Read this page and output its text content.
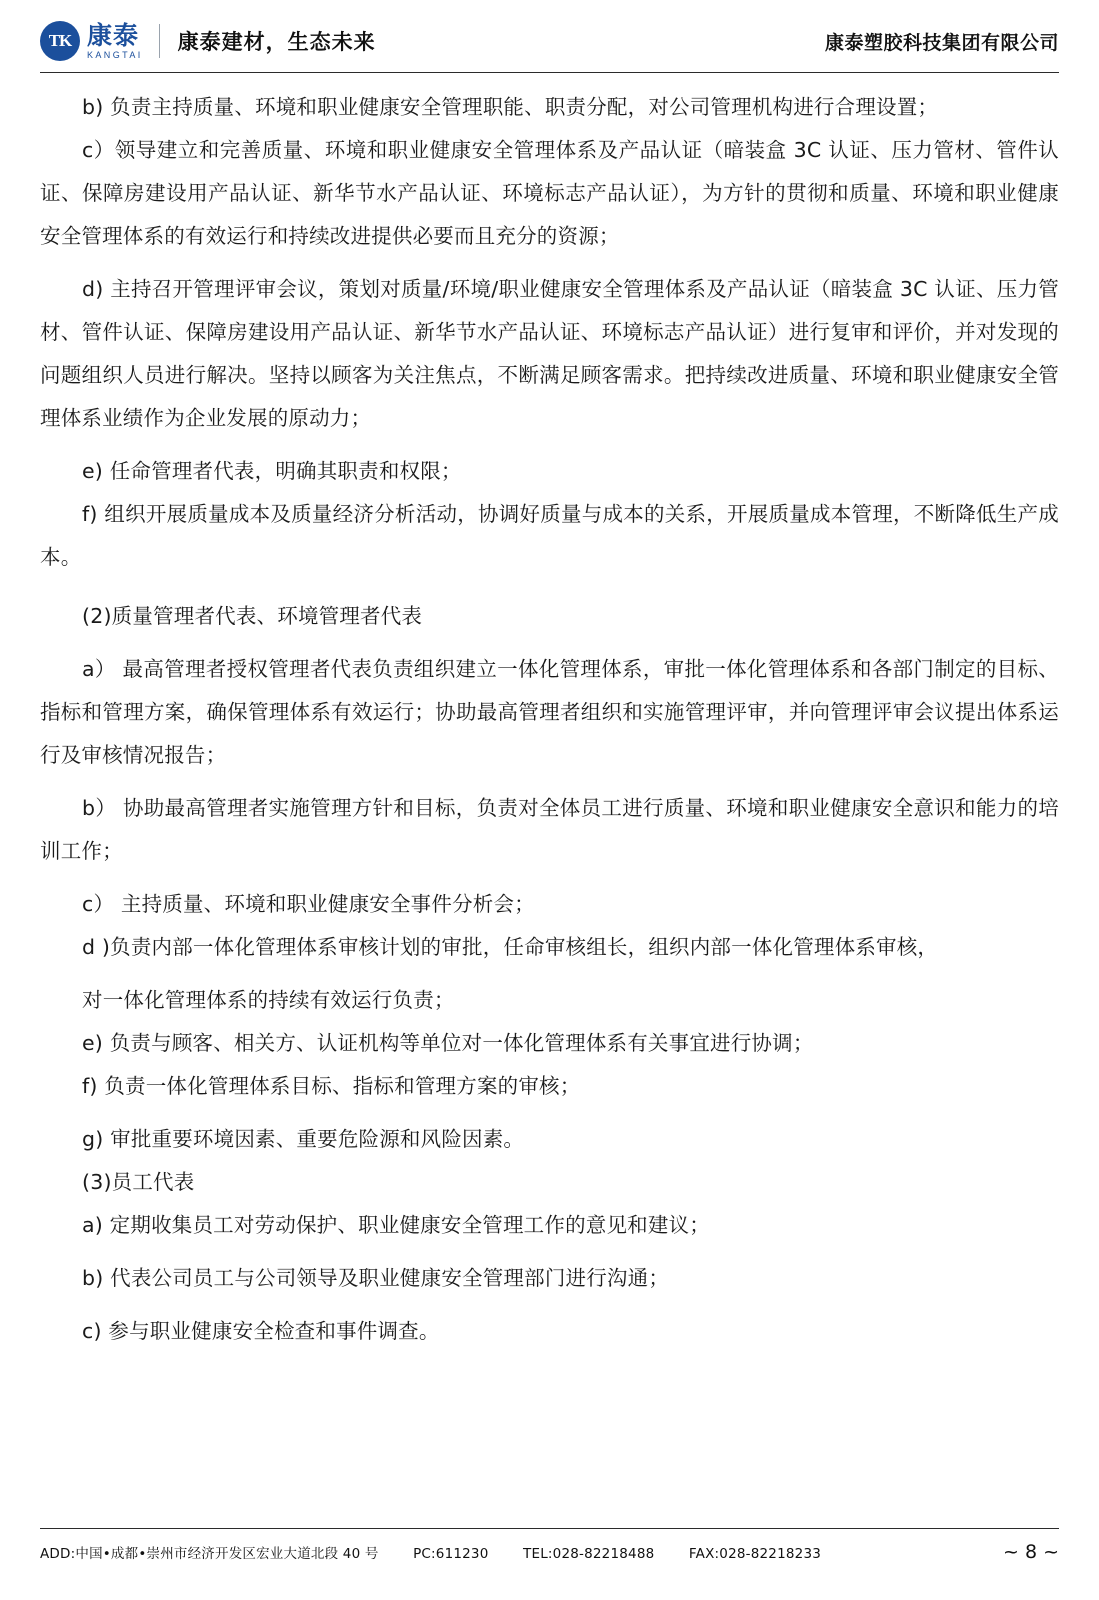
TK 康泰
KANGTAI
康泰建材，生态未来	康泰塑胶科技集团有限公司

b) 负责主持质量、环境和职业健康安全管理职能、职责分配，对公司管理机构进行合理设置；

c）领导建立和完善质量、环境和职业健康安全管理体系及产品认证（暗装盒 3C 认证、压力管材、管件认证、保障房建设用产品认证、新华节水产品认证、环境标志产品认证），为方针的贯彻和质量、环境和职业健康安全管理体系的有效运行和持续改进提供必要而且充分的资源；

d) 主持召开管理评审会议，策划对质量/环境/职业健康安全管理体系及产品认证（暗装盒 3C 认证、压力管材、管件认证、保障房建设用产品认证、新华节水产品认证、环境标志产品认证）进行复审和评价，并对发现的问题组织人员进行解决。坚持以顾客为关注焦点，不断满足顾客需求。把持续改进质量、环境和职业健康安全管理体系业绩作为企业发展的原动力；

e) 任命管理者代表，明确其职责和权限；

f) 组织开展质量成本及质量经济分析活动，协调好质量与成本的关系，开展质量成本管理，不断降低生产成本。

(2)质量管理者代表、环境管理者代表

a） 最高管理者授权管理者代表负责组织建立一体化管理体系，审批一体化管理体系和各部门制定的目标、指标和管理方案，确保管理体系有效运行；协助最高管理者组织和实施管理评审，并向管理评审会议提出体系运行及审核情况报告；

b） 协助最高管理者实施管理方针和目标，负责对全体员工进行质量、环境和职业健康安全意识和能力的培训工作；

c） 主持质量、环境和职业健康安全事件分析会；

d )负责内部一体化管理体系审核计划的审批，任命审核组长，组织内部一体化管理体系审核，

对一体化管理体系的持续有效运行负责；

e) 负责与顾客、相关方、认证机构等单位对一体化管理体系有关事宜进行协调；

f) 负责一体化管理体系目标、指标和管理方案的审核；

g) 审批重要环境因素、重要危险源和风险因素。

(3)员工代表

a) 定期收集员工对劳动保护、职业健康安全管理工作的意见和建议；

b) 代表公司员工与公司领导及职业健康安全管理部门进行沟通；

c) 参与职业健康安全检查和事件调查。

ADD:中国•成都•崇州市经济开发区宏业大道北段 40 号	PC:611230	TEL:028-82218488	FAX:028-82218233	~ 8 ~
